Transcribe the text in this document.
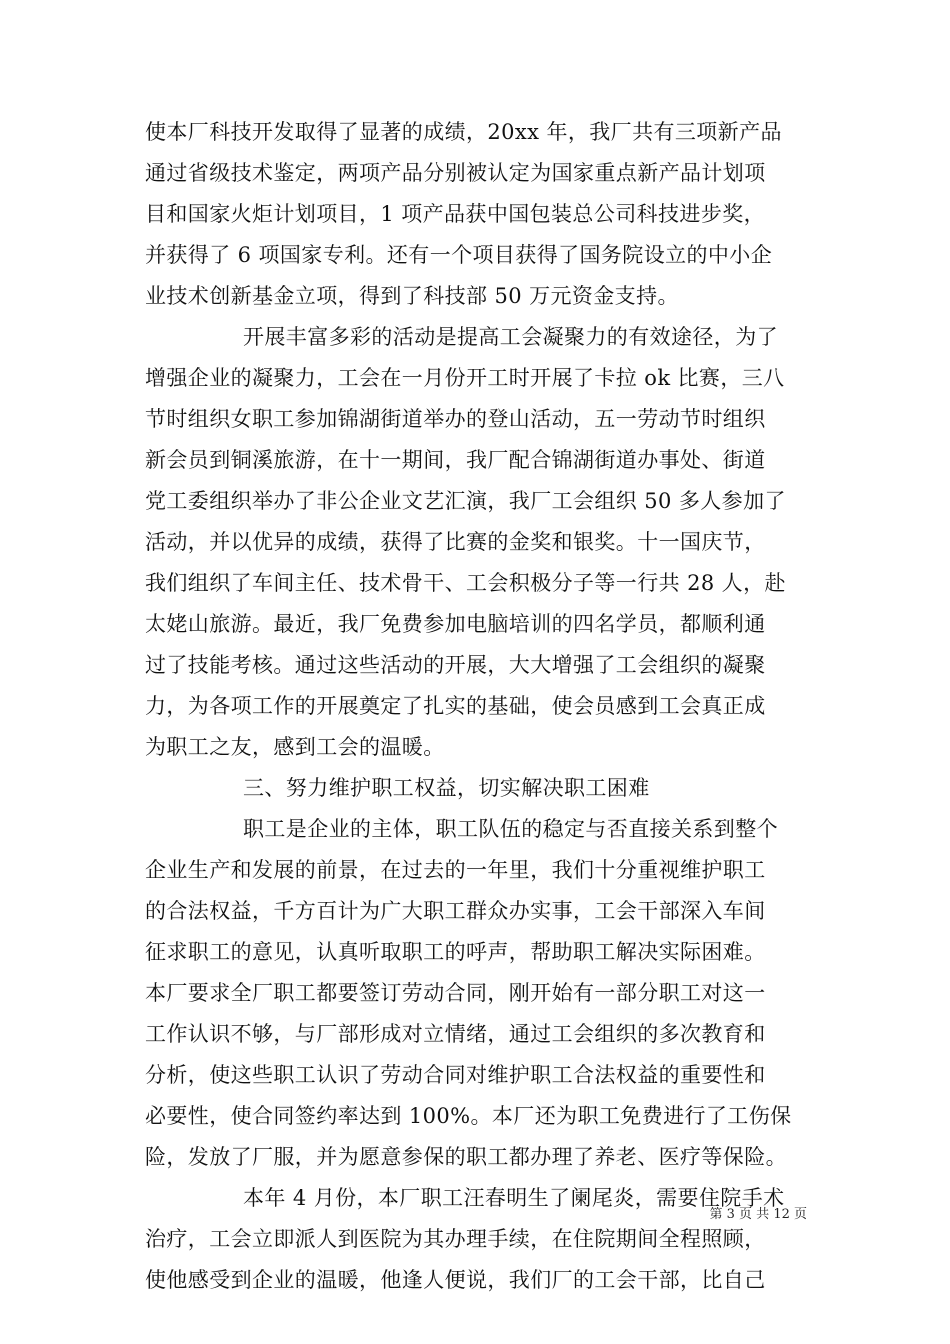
使本厂科技开发取得了显著的成绩，20xx 年，我厂共有三项新产品
通过省级技术鉴定，两项产品分别被认定为国家重点新产品计划项
目和国家火炬计划项目，1 项产品获中国包装总公司科技进步奖，
并获得了 6 项国家专利。还有一个项目获得了国务院设立的中小企
业技术创新基金立项，得到了科技部 50 万元资金支持。
开展丰富多彩的活动是提高工会凝聚力的有效途径，为了
增强企业的凝聚力，工会在一月份开工时开展了卡拉 ok 比赛，三八
节时组织女职工参加锦湖街道举办的登山活动，五一劳动节时组织
新会员到铜溪旅游，在十一期间，我厂配合锦湖街道办事处、街道
党工委组织举办了非公企业文艺汇演，我厂工会组织 50 多人参加了
活动，并以优异的成绩，获得了比赛的金奖和银奖。十一国庆节，
我们组织了车间主任、技术骨干、工会积极分子等一行共 28 人，赴
太姥山旅游。最近，我厂免费参加电脑培训的四名学员，都顺利通
过了技能考核。通过这些活动的开展，大大增强了工会组织的凝聚
力，为各项工作的开展奠定了扎实的基础，使会员感到工会真正成
为职工之友，感到工会的温暖。
三、努力维护职工权益，切实解决职工困难
职工是企业的主体，职工队伍的稳定与否直接关系到整个
企业生产和发展的前景，在过去的一年里，我们十分重视维护职工
的合法权益，千方百计为广大职工群众办实事，工会干部深入车间
征求职工的意见，认真听取职工的呼声，帮助职工解决实际困难。
本厂要求全厂职工都要签订劳动合同，刚开始有一部分职工对这一
工作认识不够，与厂部形成对立情绪，通过工会组织的多次教育和
分析，使这些职工认识了劳动合同对维护职工合法权益的重要性和
必要性，使合同签约率达到 100%。本厂还为职工免费进行了工伤保
险，发放了厂服，并为愿意参保的职工都办理了养老、医疗等保险。
本年 4 月份，本厂职工汪春明生了阑尾炎，需要住院手术
治疗，工会立即派人到医院为其办理手续，在住院期间全程照顾，
使他感受到企业的温暖，他逢人便说，我们厂的工会干部，比自己
第 3 页 共 12 页
